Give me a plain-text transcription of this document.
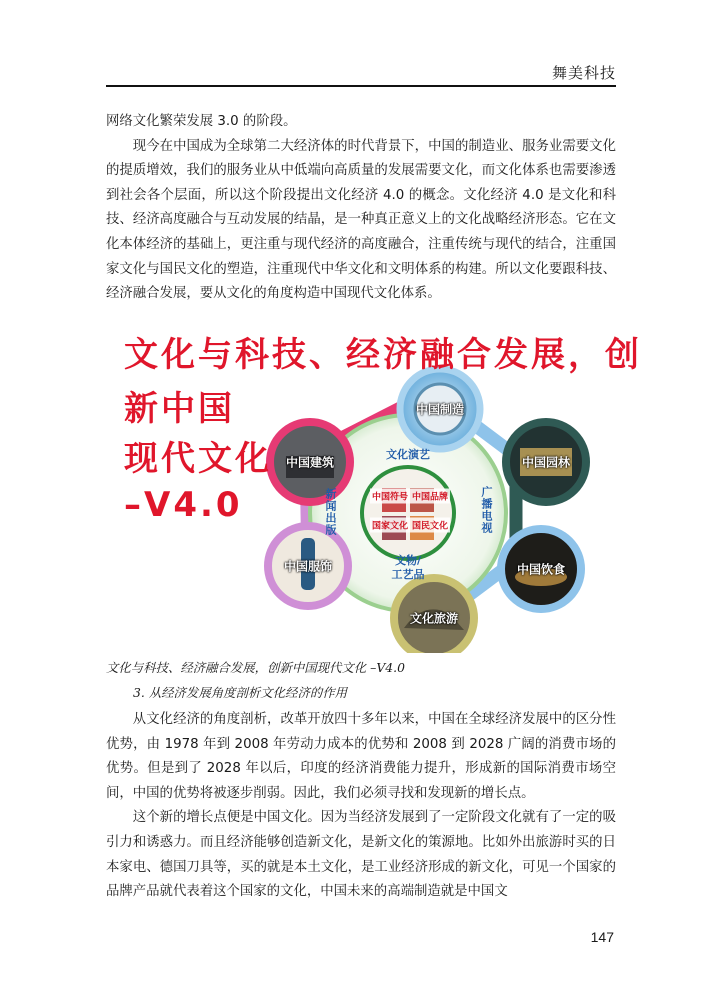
舞美科技

网络文化繁荣发展 3.0 的阶段。

现今在中国成为全球第二大经济体的时代背景下，中国的制造业、服务业需要文化的提质增效，我们的服务业从中低端向高质量的发展需要文化，而文化体系也需要渗透到社会各个层面，所以这个阶段提出文化经济 4.0 的概念。文化经济 4.0 是文化和科技、经济高度融合与互动发展的结晶，是一种真正意义上的文化战略经济形态。它在文化本体经济的基础上，更注重与现代经济的高度融合，注重传统与现代的结合，注重国家文化与国民文化的塑造，注重现代中华文化和文明体系的构建。所以文化要跟科技、经济融合发展，要从文化的角度构造中国现代文化体系。

文化与科技、经济融合发展，创
新中国
现代文化
–V4.0
中国制造
中国园林
中国饮食
文化旅游
中国服饰
中国建筑
文化演艺
广播电视
文物/
工艺品
新闻出版	中国符号 中国品牌
国家文化 国民文化
文化与科技、经济融合发展，创新中国现代文化 –V4.0
3. 从经济发展角度剖析文化经济的作用

从文化经济的角度剖析，改革开放四十多年以来，中国在全球经济发展中的区分性优势，由 1978 年到 2008 年劳动力成本的优势和 2008 到 2028 广阔的消费市场的优势。但是到了 2028 年以后，印度的经济消费能力提升，形成新的国际消费市场空间，中国的优势将被逐步削弱。因此，我们必须寻找和发现新的增长点。

这个新的增长点便是中国文化。因为当经济发展到了一定阶段文化就有了一定的吸引力和诱惑力。而且经济能够创造新文化，是新文化的策源地。比如外出旅游时买的日本家电、德国刀具等，买的就是本土文化，是工业经济形成的新文化，可见一个国家的品牌产品就代表着这个国家的文化，中国未来的高端制造就是中国文

147
